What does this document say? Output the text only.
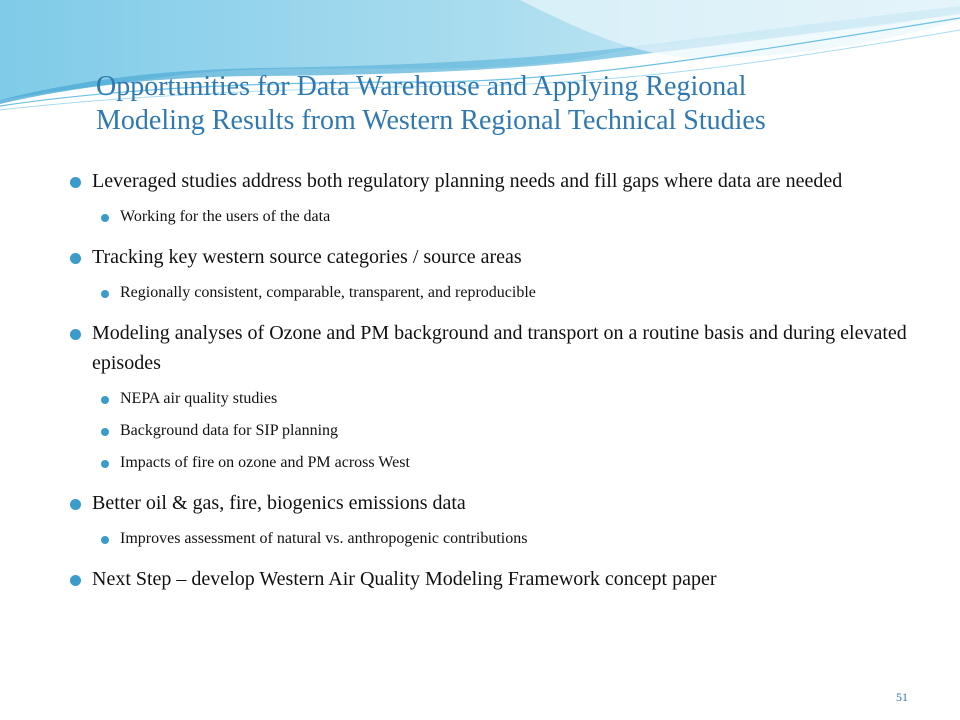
Opportunities for Data Warehouse and Applying Regional
Modeling Results from Western Regional Technical Studies
Leveraged studies address both regulatory planning needs and fill gaps where data are needed
Working for the users of the data
Tracking key western source categories / source areas
Regionally consistent, comparable, transparent, and reproducible
Modeling analyses of Ozone and PM background and transport on a routine basis and during elevated episodes
NEPA air quality studies
Background data for SIP planning
Impacts of fire on ozone and PM across West
Better oil & gas, fire, biogenics emissions data
Improves assessment of natural vs. anthropogenic contributions
Next Step – develop Western Air Quality Modeling Framework concept paper
51
